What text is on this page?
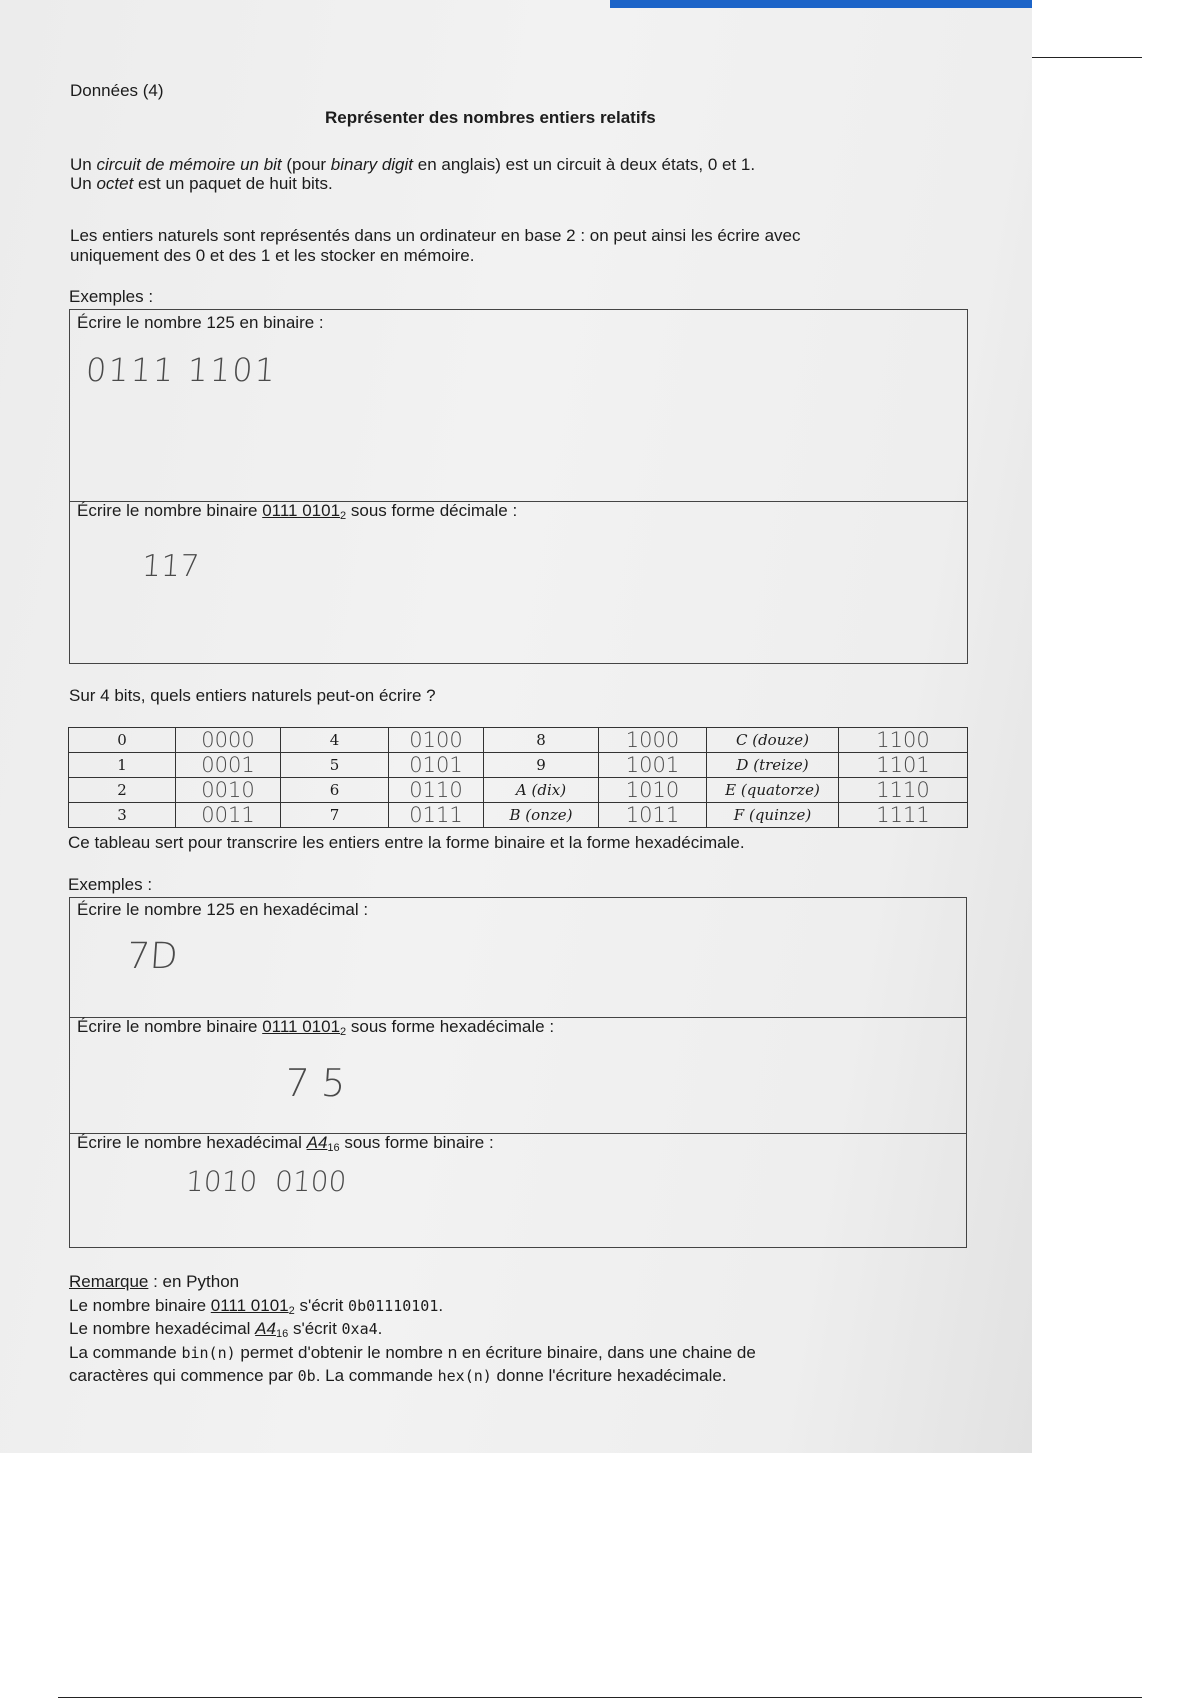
Données (4)
Représenter des nombres entiers relatifs
Un circuit de mémoire un bit (pour binary digit en anglais) est un circuit à deux états, 0 et 1.
Un octet est un paquet de huit bits.
Les entiers naturels sont représentés dans un ordinateur en base 2 : on peut ainsi les écrire avec
uniquement des 0 et des 1 et les stocker en mémoire.
Exemples :
Écrire le nombre 125 en binaire :
0111 1101
Écrire le nombre binaire 0111 $0101_2$ sous forme décimale :
117
Sur 4 bits, quels entiers naturels peut-on écrire ?
0	0000	4	0100	8	1000	C (douze)	1100
1	0001	5	0101	9	1001	D (treize)	1101
2	0010	6	0110	A (dix)	1010	E (quatorze)	1110
3	0011	7	0111	B (onze)	1011	F (quinze)	1111
Ce tableau sert pour transcrire les entiers entre la forme binaire et la forme hexadécimale.
Exemples :
Écrire le nombre 125 en hexadécimal :
7D
Écrire le nombre binaire 0111 $0101_2$ sous forme hexadécimale :
7 5
Écrire le nombre hexadécimal $A4_{16}$ sous forme binaire :
1010  0100
Remarque : en Python
Le nombre binaire 0111 $0101_2$ s'écrit 0b01110101.
Le nombre hexadécimal $A4_{16}$ s'écrit 0xa4.
La commande bin(n) permet d'obtenir le nombre n en écriture binaire, dans une chaine de
caractères qui commence par 0b. La commande hex(n) donne l'écriture hexadécimale.
